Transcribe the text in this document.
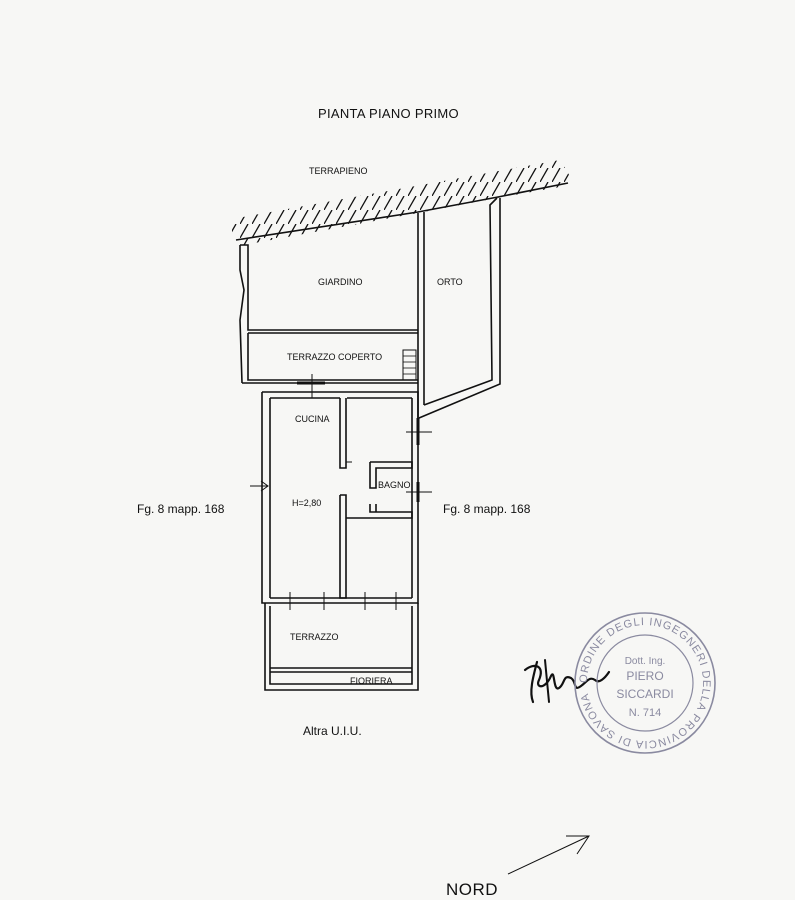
PIANTA PIANO PRIMO
TERRAPIENO
GIARDINO	ORTO
TERRAZZO COPERTO
CUCINA
BAGNO
H=2,80
TERRAZZO
FIORIERA
Fg. 8 mapp. 168	Fg. 8 mapp. 168
Altra U.I.U.
NORD
ORDINE DEGLI INGEGNERI DELLA PROVINCIA DI SAVONA
Dott. Ing.
PIERO
SICCARDI
N. 714
